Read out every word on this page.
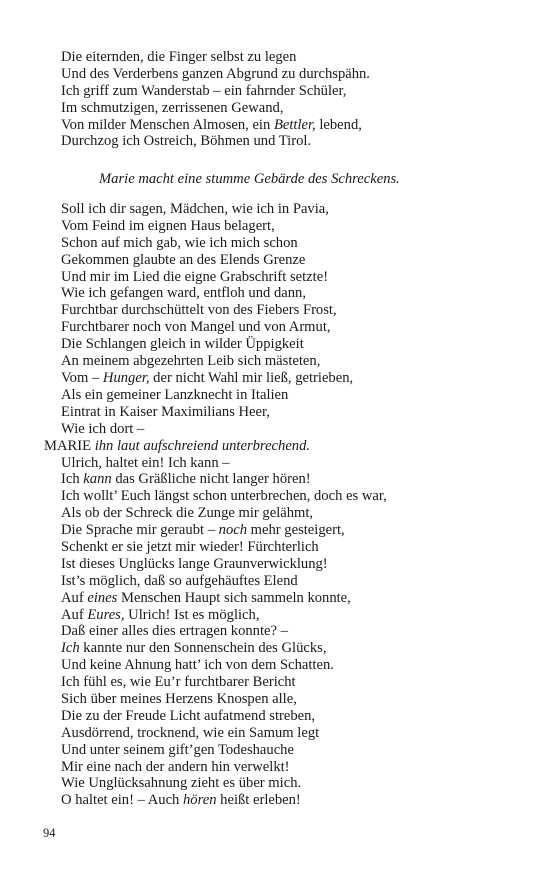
Die eiternden, die Finger selbst zu legen
Und des Verderbens ganzen Abgrund zu durchspähn.
Ich griff zum Wanderstab – ein fahrnder Schüler,
Im schmutzigen, zerrissenen Gewand,
Von milder Menschen Almosen, ein Bettler, lebend,
Durchzog ich Ostreich, Böhmen und Tirol.
Marie macht eine stumme Gebärde des Schreckens.
Soll ich dir sagen, Mädchen, wie ich in Pavia,
Vom Feind im eignen Haus belagert,
Schon auf mich gab, wie ich mich schon
Gekommen glaubte an des Elends Grenze
Und mir im Lied die eigne Grabschrift setzte!
Wie ich gefangen ward, entfloh und dann,
Furchtbar durchschüttelt von des Fiebers Frost,
Furchtbarer noch von Mangel und von Armut,
Die Schlangen gleich in wilder Üppigkeit
An meinem abgezehrten Leib sich mästeten,
Vom – Hunger, der nicht Wahl mir ließ, getrieben,
Als ein gemeiner Lanzknecht in Italien
Eintrat in Kaiser Maximilians Heer,
Wie ich dort –
MARIE ihn laut aufschreiend unterbrechend.
Ulrich, haltet ein! Ich kann –
Ich kann das Gräßliche nicht langer hören!
Ich wollt’ Euch längst schon unterbrechen, doch es war,
Als ob der Schreck die Zunge mir gelähmt,
Die Sprache mir geraubt – noch mehr gesteigert,
Schenkt er sie jetzt mir wieder! Fürchterlich
Ist dieses Unglücks lange Graunverwicklung!
Ist’s möglich, daß so aufgehäuftes Elend
Auf eines Menschen Haupt sich sammeln konnte,
Auf Eures, Ulrich! Ist es möglich,
Daß einer alles dies ertragen konnte? –
Ich kannte nur den Sonnenschein des Glücks,
Und keine Ahnung hatt’ ich von dem Schatten.
Ich fühl es, wie Eu’r furchtbarer Bericht
Sich über meines Herzens Knospen alle,
Die zu der Freude Licht aufatmend streben,
Ausdörrend, trocknend, wie ein Samum legt
Und unter seinem gift’gen Todeshauche
Mir eine nach der andern hin verwelkt!
Wie Unglücksahnung zieht es über mich.
O haltet ein! – Auch hören heißt erleben!
94
